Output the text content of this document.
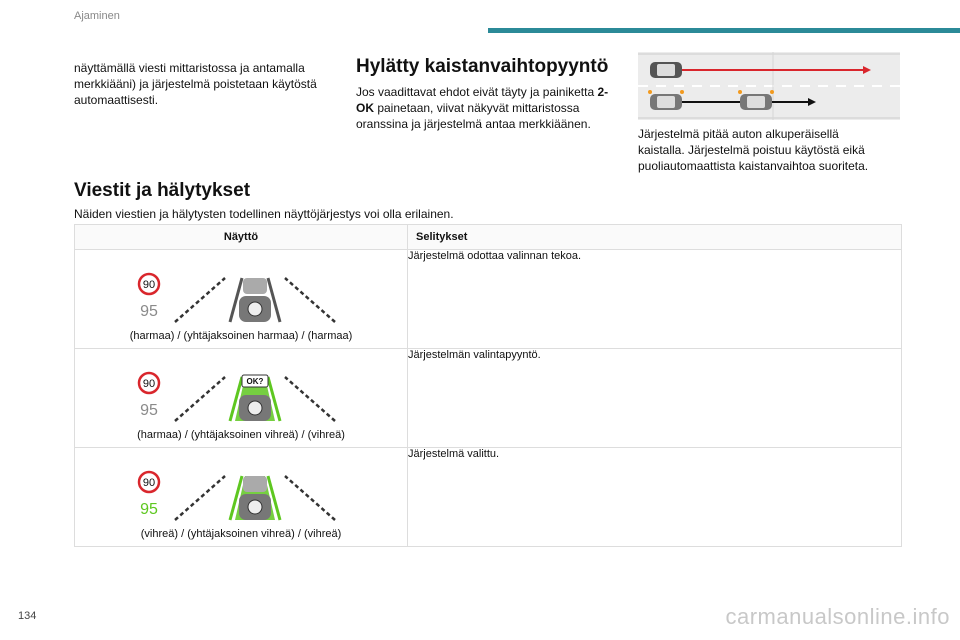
Ajaminen
näyttämällä viesti mittaristossa ja antamalla merkkiääni) ja järjestelmä poistetaan käytöstä automaattisesti.
Hylätty kaistanvaihtopyyntö
Jos vaadittavat ehdot eivät täyty ja painiketta 2-OK painetaan, viivat näkyvät mittaristossa oranssina ja järjestelmä antaa merkkiäänen.
Järjestelmä pitää auton alkuperäisellä kaistalla. Järjestelmä poistuu käytöstä eikä puoliautomaattista kaistanvaihtoa suoriteta.
Viestit ja hälytykset
Näiden viestien ja hälytysten todellinen näyttöjärjestys voi olla erilainen.
Näyttö	Selitykset

90
95
(harmaa) / (yhtäjaksoinen harmaa) / (harmaa)	Järjestelmä odottaa valinnan tekoa.

90
95
OK?
(harmaa) / (yhtäjaksoinen vihreä) / (vihreä)	Järjestelmän valintapyyntö.

90
95
(vihreä) / (yhtäjaksoinen vihreä) / (vihreä)	Järjestelmä valittu.
134	carmanualsonline.info
